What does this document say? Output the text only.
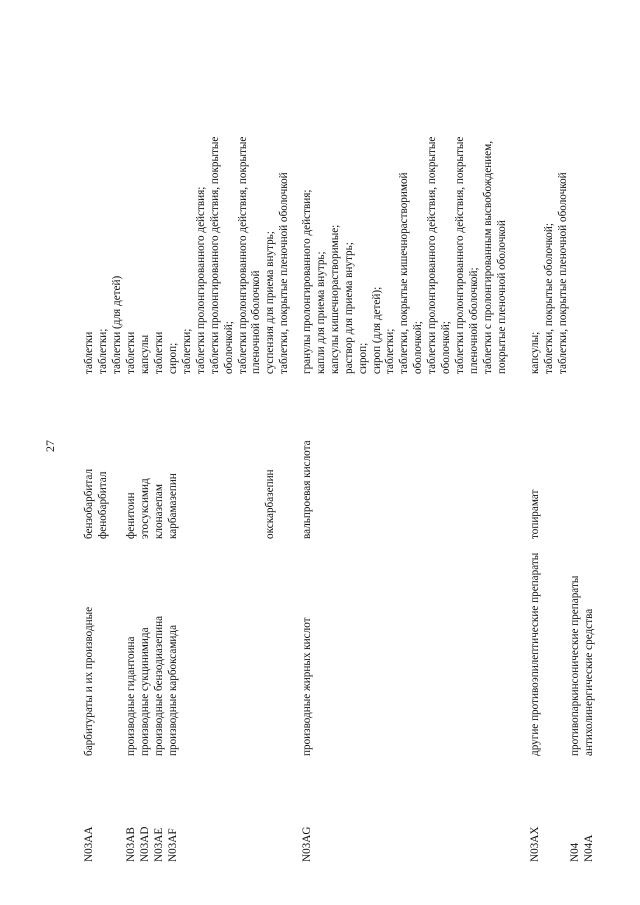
27
N03AA
барбитураты и их производные
бензобарбитал фенобарбитал
таблетки таблетки; таблетки (для детей)
N03AB
производные гидантоина
фенитоин
таблетки
N03AD
производные сукцинимида
этосуксимид
капсулы
N03AE
производные бензодиазепина
клоназепам
таблетки
N03AF
производные карбоксамида
карбамазепин	окскарбазепин
сироп; таблетки; таблетки пролонгированного действия; таблетки пролонгированного действия, покрытые оболочкой; таблетки пролонгированного действия, покрытые пленочной оболочкой суспензия для приема внутрь; таблетки, покрытые пленочной оболочкой
N03AG
производные жирных кислот
вальпроевая кислота
гранулы пролонгированного действия; капли для приема внутрь; капсулы кишечнорастворимые; раствор для приема внутрь; сироп; сироп (для детей); таблетки; таблетки, покрытые кишечнорастворимой оболочкой; таблетки пролонгированного действия, покрытые оболочкой; таблетки пролонгированного действия, покрытые пленочной оболочкой; таблетки с пролонгированным высвобождением, покрытые пленочной оболочкой
N03AX
другие противоэпилептические препараты
топирамат
капсулы; таблетки, покрытые оболочкой; таблетки, покрытые пленочной оболочкой
N04
противопаркинсонические препараты
N04A
антихолинергические средства
